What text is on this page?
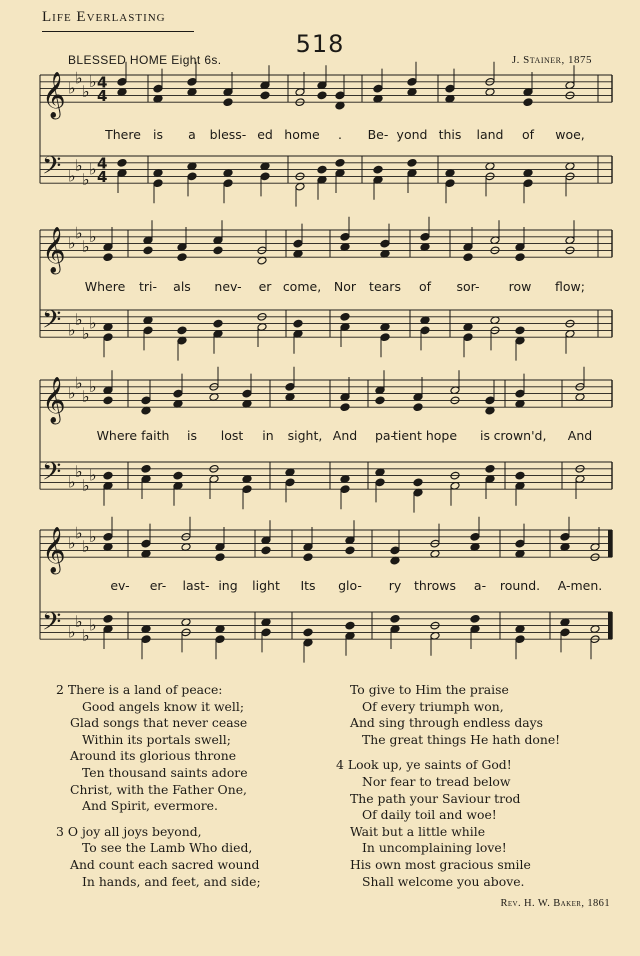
Life Everlasting
518
BLESSED HOME Eight 6s.	J. Stainer, 1875
𝄞 ♭
♭
♭
♭
𝄢 ♭
♭
♭
♭
𝄞 ♭
♭
♭
♭
𝄢 ♭
♭
♭
♭
𝄞 ♭
♭
♭
♭
𝄢 ♭
♭
♭
♭
𝄞 ♭
♭
♭
♭
𝄢 ♭
♭
♭
♭
4
4
4
4
There is a bless- ed home . Be- yond this land of woe,
Where tri- als nev- er come, Nor tears of sor- row flow;
Where faith is lost in sight, And pa-
tient hope is crown'd, And
ev- er- last- ing light Its glo- ry throws a- round. A-men.
2 There is a land of peace:
Good angels know it well;
Glad songs that never cease
Within its portals swell;
Around its glorious throne
Ten thousand saints adore
Christ, with the Father One,
And Spirit, evermore.
3 O joy all joys beyond,
To see the Lamb Who died,
And count each sacred wound
In hands, and feet, and side;
To give to Him the praise
Of every triumph won,
And sing through endless days
The great things He hath done!
4 Look up, ye saints of God!
Nor fear to tread below
The path your Saviour trod
Of daily toil and woe!
Wait but a little while
In uncomplaining love!
His own most gracious smile
Shall welcome you above.
Rev. H. W. Baker, 1861
